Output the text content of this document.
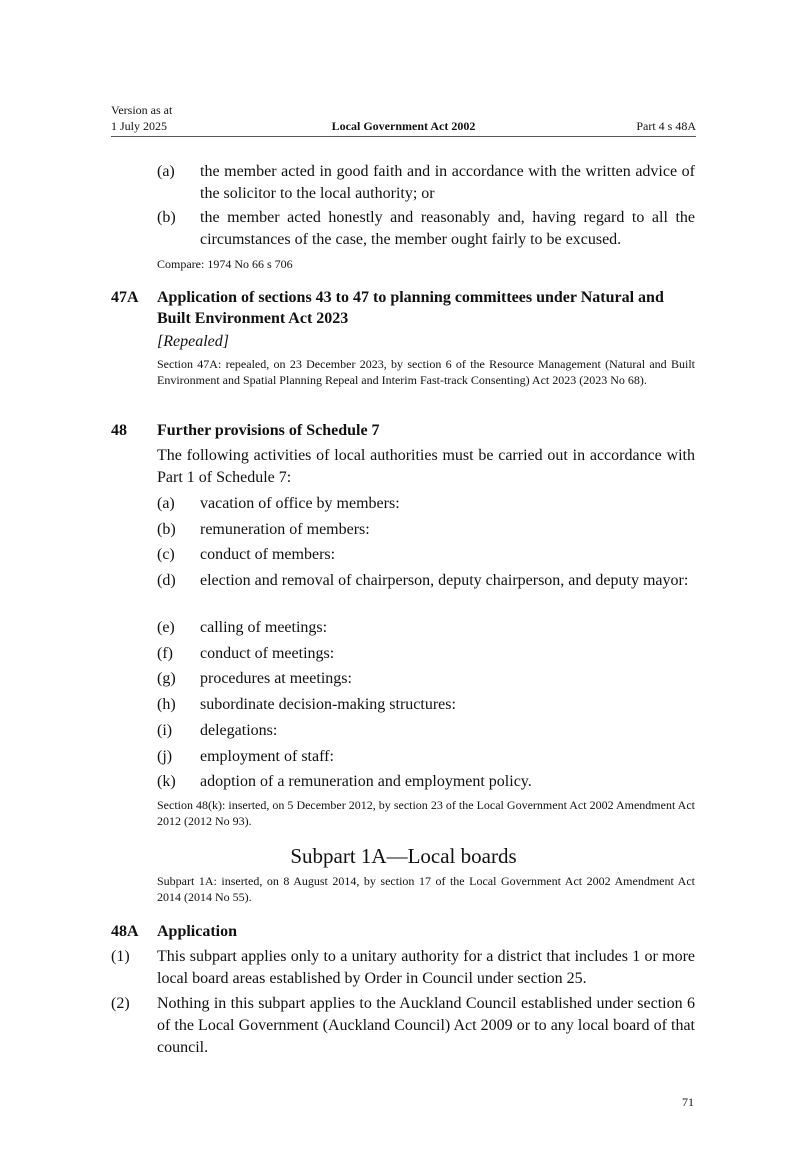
Version as at
1 July 2025	Local Government Act 2002	Part 4 s 48A
(a) the member acted in good faith and in accordance with the written advice of the solicitor to the local authority; or
(b) the member acted honestly and reasonably and, having regard to all the circumstances of the case, the member ought fairly to be excused.
Compare: 1974 No 66 s 706
47A Application of sections 43 to 47 to planning committees under Natural and Built Environment Act 2023
[Repealed]
Section 47A: repealed, on 23 December 2023, by section 6 of the Resource Management (Natural and Built Environment and Spatial Planning Repeal and Interim Fast-track Consenting) Act 2023 (2023 No 68).
48 Further provisions of Schedule 7
The following activities of local authorities must be carried out in accordance with Part 1 of Schedule 7:
(a) vacation of office by members:
(b) remuneration of members:
(c) conduct of members:
(d) election and removal of chairperson, deputy chairperson, and deputy mayor:
(e) calling of meetings:
(f) conduct of meetings:
(g) procedures at meetings:
(h) subordinate decision-making structures:
(i) delegations:
(j) employment of staff:
(k) adoption of a remuneration and employment policy.
Section 48(k): inserted, on 5 December 2012, by section 23 of the Local Government Act 2002 Amendment Act 2012 (2012 No 93).
Subpart 1A—Local boards
Subpart 1A: inserted, on 8 August 2014, by section 17 of the Local Government Act 2002 Amendment Act 2014 (2014 No 55).
48A Application
(1) This subpart applies only to a unitary authority for a district that includes 1 or more local board areas established by Order in Council under section 25.
(2) Nothing in this subpart applies to the Auckland Council established under section 6 of the Local Government (Auckland Council) Act 2009 or to any local board of that council.
71
